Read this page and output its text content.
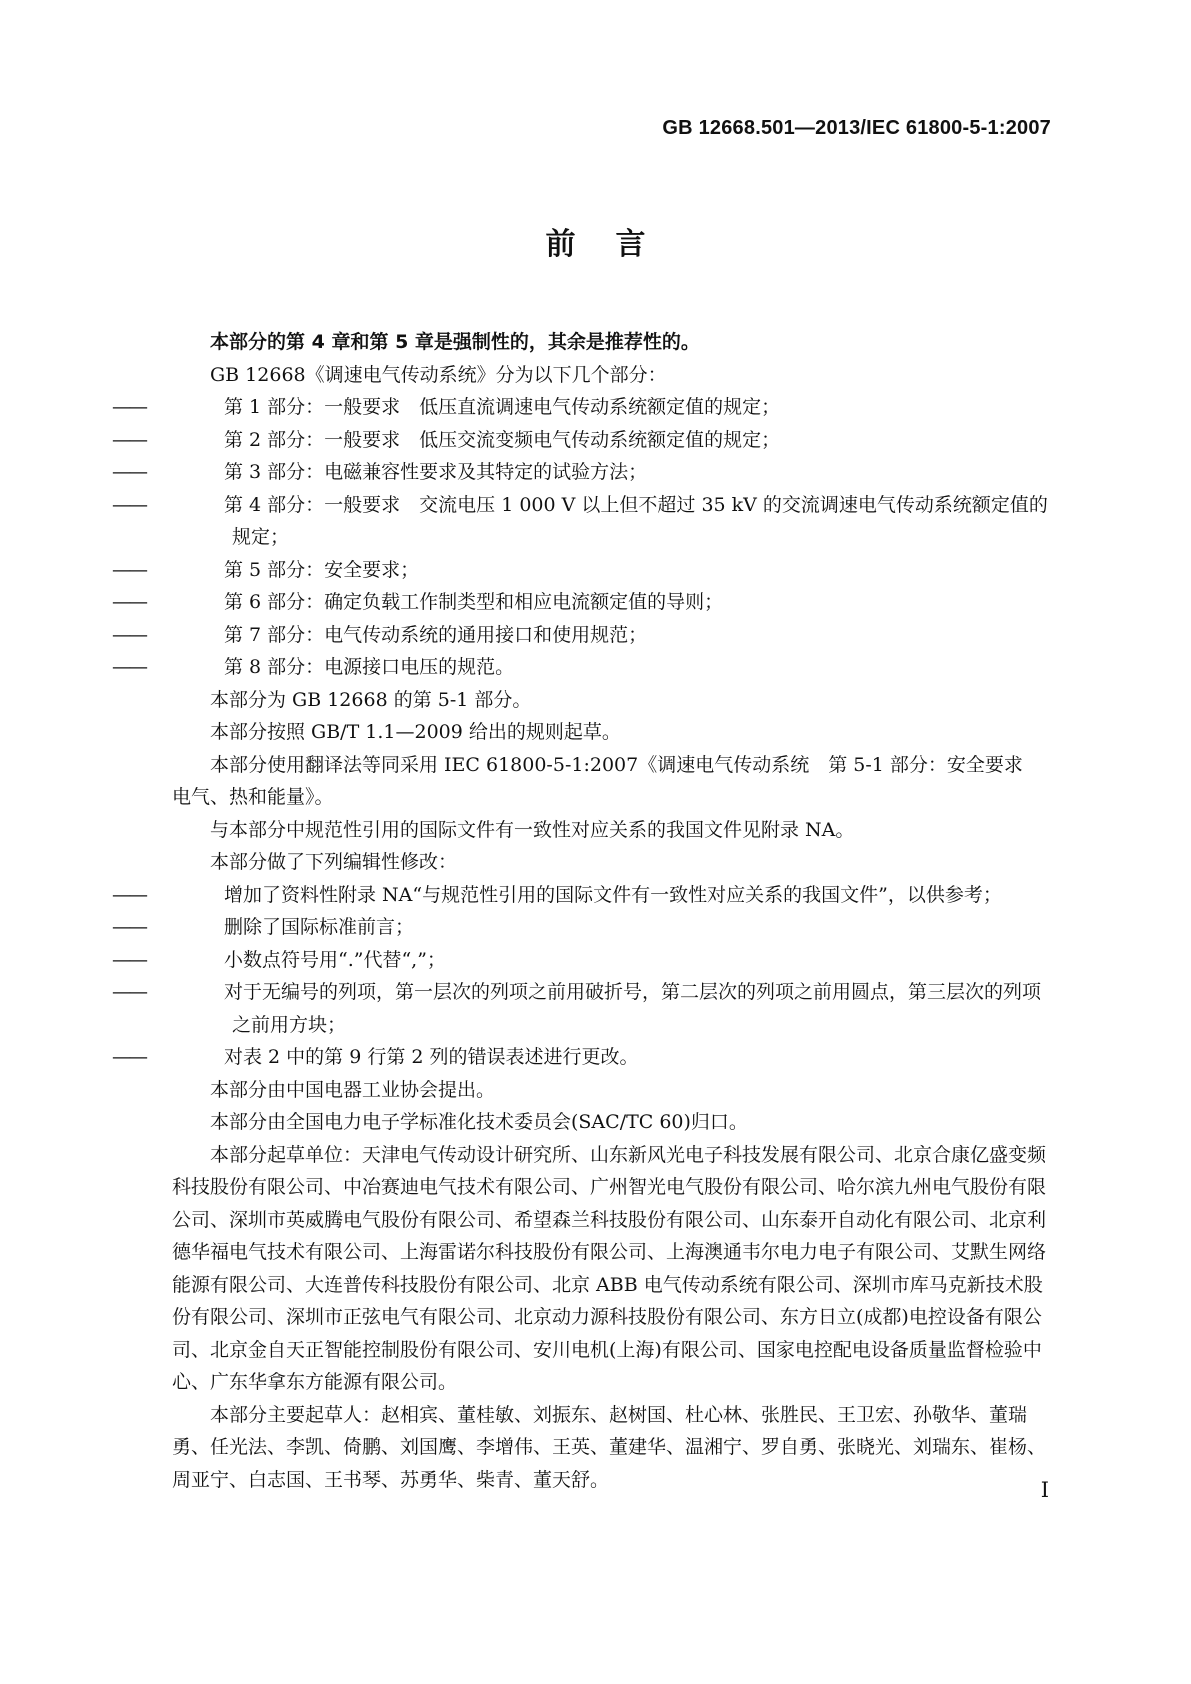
GB 12668.501—2013/IEC 61800-5-1:2007

前言

本部分的第 4 章和第 5 章是强制性的，其余是推荐性的。

GB 12668《调速电气传动系统》分为以下几个部分：

——	第 1 部分：一般要求　低压直流调速电气传动系统额定值的规定；

——	第 2 部分：一般要求　低压交流变频电气传动系统额定值的规定；

——	第 3 部分：电磁兼容性要求及其特定的试验方法；

——	第 4 部分：一般要求　交流电压 1 000 V 以上但不超过 35 kV 的交流调速电气传动系统额定值的规定；

——	第 5 部分：安全要求；

——	第 6 部分：确定负载工作制类型和相应电流额定值的导则；

——	第 7 部分：电气传动系统的通用接口和使用规范；

——	第 8 部分：电源接口电压的规范。

本部分为 GB 12668 的第 5-1 部分。

本部分按照 GB/T 1.1—2009 给出的规则起草。

本部分使用翻译法等同采用 IEC 61800-5-1:2007《调速电气传动系统　第 5-1 部分：安全要求　电气、热和能量》。

与本部分中规范性引用的国际文件有一致性对应关系的我国文件见附录 NA。

本部分做了下列编辑性修改：

——	增加了资料性附录 NA“与规范性引用的国际文件有一致性对应关系的我国文件”，以供参考；

——	删除了国际标准前言；

——	小数点符号用“.”代替“,”；

——	对于无编号的列项，第一层次的列项之前用破折号，第二层次的列项之前用圆点，第三层次的列项之前用方块；

——	对表 2 中的第 9 行第 2 列的错误表述进行更改。

本部分由中国电器工业协会提出。

本部分由全国电力电子学标准化技术委员会(SAC/TC 60)归口。

本部分起草单位：天津电气传动设计研究所、山东新风光电子科技发展有限公司、北京合康亿盛变频科技股份有限公司、中冶赛迪电气技术有限公司、广州智光电气股份有限公司、哈尔滨九州电气股份有限公司、深圳市英威腾电气股份有限公司、希望森兰科技股份有限公司、山东泰开自动化有限公司、北京利德华福电气技术有限公司、上海雷诺尔科技股份有限公司、上海澳通韦尔电力电子有限公司、艾默生网络能源有限公司、大连普传科技股份有限公司、北京 ABB 电气传动系统有限公司、深圳市库马克新技术股份有限公司、深圳市正弦电气有限公司、北京动力源科技股份有限公司、东方日立(成都)电控设备有限公司、北京金自天正智能控制股份有限公司、安川电机(上海)有限公司、国家电控配电设备质量监督检验中心、广东华拿东方能源有限公司。

本部分主要起草人：赵相宾、董桂敏、刘振东、赵树国、杜心林、张胜民、王卫宏、孙敬华、董瑞勇、任光法、李凯、倚鹏、刘国鹰、李增伟、王英、董建华、温湘宁、罗自勇、张晓光、刘瑞东、崔杨、周亚宁、白志国、王书琴、苏勇华、柴青、董天舒。	I
